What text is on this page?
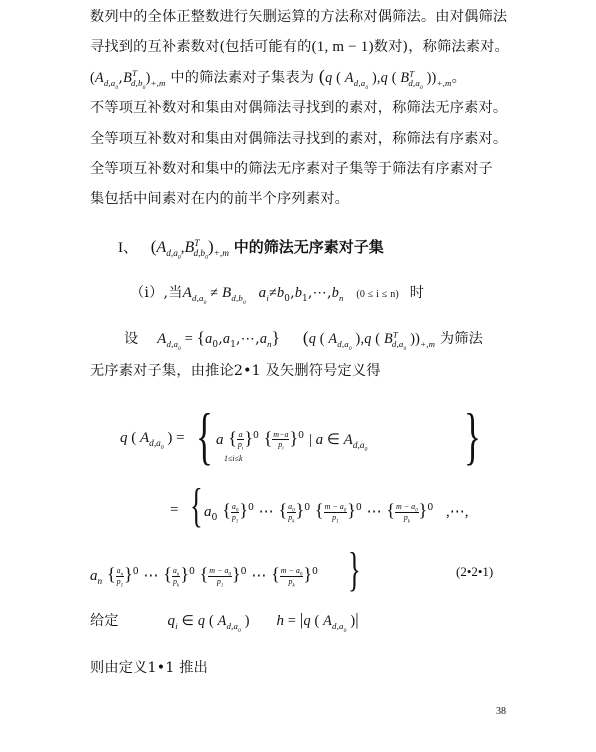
数列中的全体正整数进行矢删运算的方法称对偶筛法。由对偶筛法
寻找到的互补素数对(包括可能有的(1, m − 1)数对)，称筛法素对。
$(A_{d,a_0},B^T_{d,b_0})_{+,m}$ 中的筛法素对子集表为 (q ( $A_{d,a_0}$ ),q ( $B^T_{d,a_0}$ ))$_{+,m}$。
不等项互补数对和集由对偶筛法寻找到的素对，称筛法无序素对。
全等项互补数对和集由对偶筛法寻找到的素对，称筛法有序素对。
全等项互补数对和集中的筛法无序素对子集等于筛法有序素对子
集包括中间素对在内的前半个序列素对。
I、 $(A_{d,a_0},B^T_{d,b_0})_{+,m}$ 中的筛法无序素对子集
（ⅰ）,当$A_{d,a_0} \ne B_{d,b_0}$ $a_i\ne b_0,b_1,\cdots,b_n$ (0 ≤ i ≤ n) 时
设 $A_{d,a_0}$ = $\{a_0,a_1,\cdots,a_n\}$ (q ( $A_{d,a_0}$ ),q ( $B^T_{d,a_0}$ ))$_{+,m}$ 为筛法
无序素对子集，由推论2•1 及矢删符号定义得
q ( $A_{d,a_0}$ ) = { a { $\frac{a}{p_i} \}^0$ { $\frac{m-a}{p_i} \}^0$ | a ∈ $A_{d,a_0}$
1≤i≤k	}
= { $a_0$ { $\frac{a_0}{p_1} \}^0$ ⋯ { $\frac{a_0}{p_k} \}^0$ { $\frac{m - a_0}{p_1} \}^0$ ⋯ { $\frac{m - a_0}{p_k} \}^0$ ,⋯,
$a_n$ { $\frac{a_n}{p_1} \}^0$ ⋯ { $\frac{a_n}{p_k} \}^0$ { $\frac{m - a_0}{p_1} \}^0$ ⋯ { $\frac{m - a_0}{p_k} \}^0$ }	(2•2•1)
给定	$q_i$ ∈ q ( $A_{d,a_0}$ ) h = |q ( $A_{d,a_0}$ )|
则由定义1•1 推出
38
